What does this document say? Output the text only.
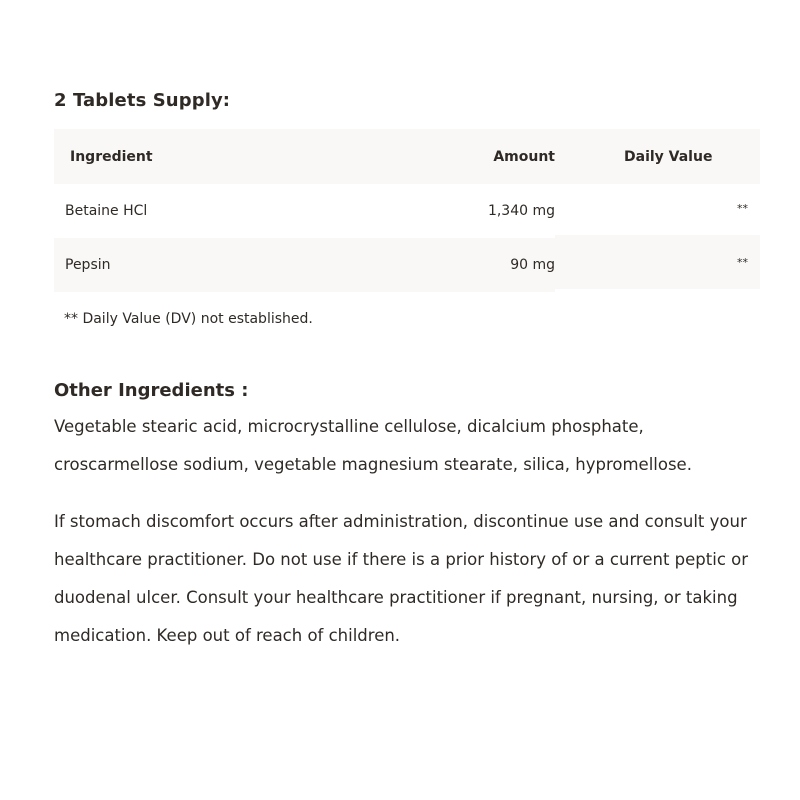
2 Tablets Supply:
Ingredient	Amount	Daily Value
Betaine HCl	1,340 mg	**
Pepsin	90 mg	**

** Daily Value (DV) not established.

Other Ingredients :

Vegetable stearic acid, microcrystalline cellulose, dicalcium phosphate, croscarmellose sodium, vegetable magnesium stearate, silica, hypromellose.

If stomach discomfort occurs after administration, discontinue use and consult your healthcare practitioner. Do not use if there is a prior history of or a current peptic or duodenal ulcer. Consult your healthcare practitioner if pregnant, nursing, or taking medication. Keep out of reach of children.
